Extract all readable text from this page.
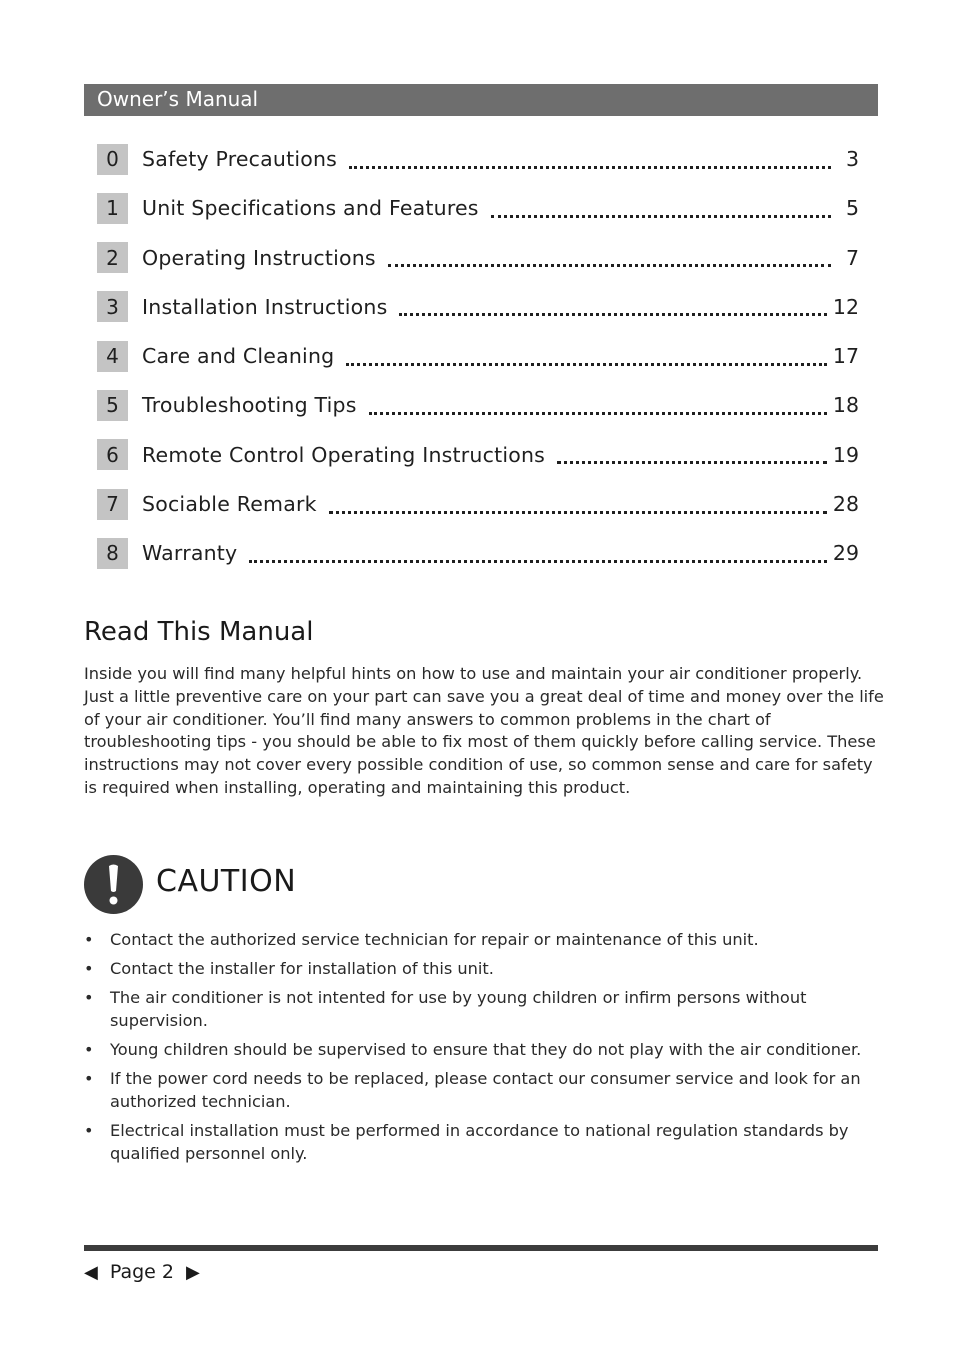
Owner’s Manual
0	Safety Precautions	3
1	Unit Specifications and Features	5
2	Operating Instructions	7
3	Installation Instructions	12
4	Care and Cleaning	17
5	Troubleshooting Tips	18
6	Remote Control Operating Instructions	19
7	Sociable Remark	28
8	Warranty	29
Read This Manual

Inside you will find many helpful hints on how to use and maintain your air conditioner properly. Just a little preventive care on your part can save you a great deal of time and money over the life of your air conditioner. You’ll find many answers to common problems in the chart of troubleshooting tips - you should be able to fix most of them quickly before calling service. These instructions may not cover every possible condition of use, so common sense and care for safety is required when installing, operating and maintaining this product.

CAUTION
• Contact the authorized service technician for repair or maintenance of this unit.
• Contact the installer for installation of this unit.
• The air conditioner is not intented for use by young children or infirm persons without supervision.
• Young children should be supervised to ensure that they do not play with the air conditioner.
• If the power cord needs to be replaced, please contact our consumer service and look for an authorized technician.
• Electrical installation must be performed in accordance to national regulation standards by qualified personnel only.
◀ Page 2 ▶
